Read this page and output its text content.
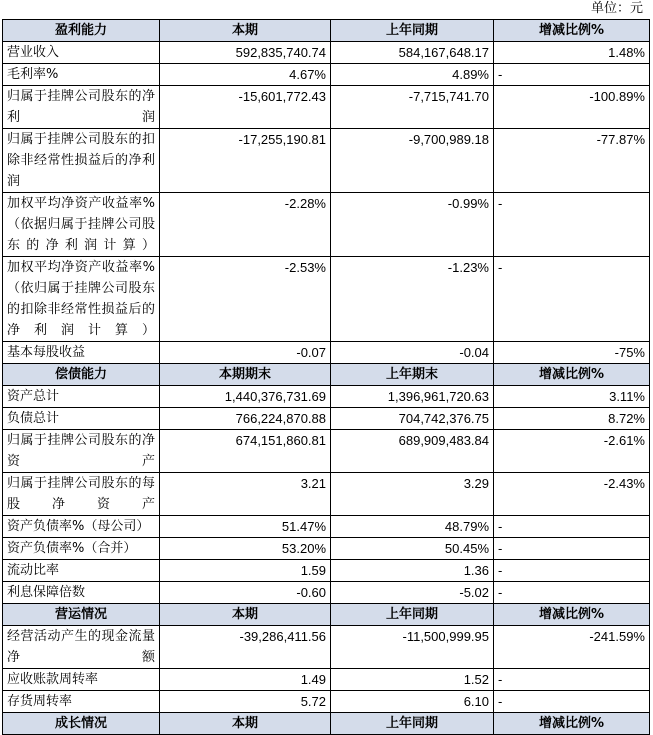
单位：元
盈利能力	本期	上年同期	增减比例%
营业收入	592,835,740.74	584,167,648.17	1.48%
毛利率%	4.67%	4.89%	-
归属于挂牌公司股东的净利润	-15,601,772.43	-7,715,741.70	-100.89%
归属于挂牌公司股东的扣除非经常性损益后的净利润	-17,255,190.81	-9,700,989.18	-77.87%
加权平均净资产收益率%（依据归属于挂牌公司股东的净利润计算）	-2.28%	-0.99%	-
加权平均净资产收益率%（依归属于挂牌公司股东的扣除非经常性损益后的净利润计算）	-2.53%	-1.23%	-
基本每股收益	-0.07	-0.04	-75%
偿债能力	本期期末	上年期末	增减比例%
资产总计	1,440,376,731.69	1,396,961,720.63	3.11%
负债总计	766,224,870.88	704,742,376.75	8.72%
归属于挂牌公司股东的净资产	674,151,860.81	689,909,483.84	-2.61%
归属于挂牌公司股东的每股净资产	3.21	3.29	-2.43%
资产负债率%（母公司）	51.47%	48.79%	-
资产负债率%（合并）	53.20%	50.45%	-
流动比率	1.59	1.36	-
利息保障倍数	-0.60	-5.02	-
营运情况	本期	上年同期	增减比例%
经营活动产生的现金流量净额	-39,286,411.56	-11,500,999.95	-241.59%
应收账款周转率	1.49	1.52	-
存货周转率	5.72	6.10	-
成长情况	本期	上年同期	增减比例%
